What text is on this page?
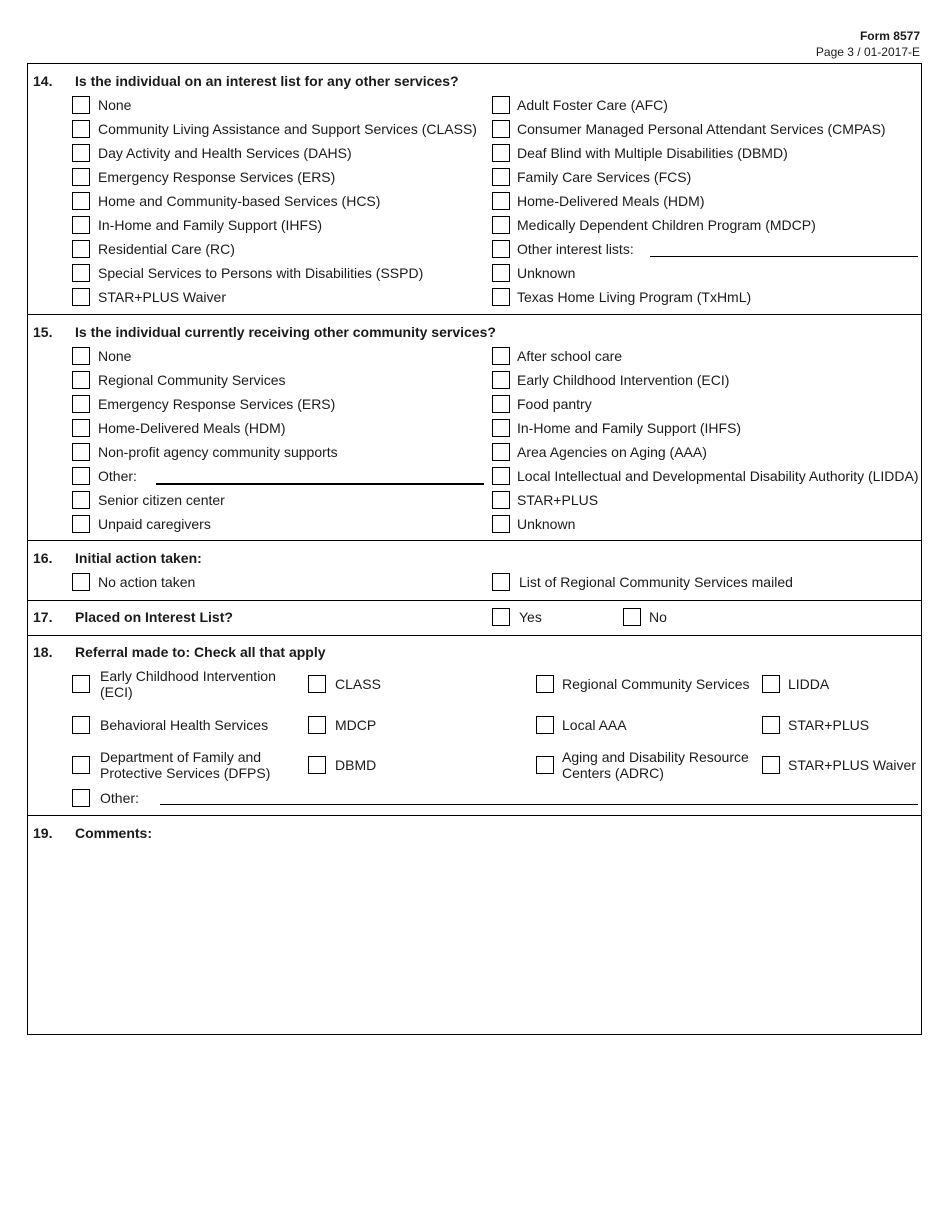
Form 8577
Page 3 / 01-2017-E
14. Is the individual on an interest list for any other services?
None
Community Living Assistance and Support Services (CLASS)
Day Activity and Health Services (DAHS)
Emergency Response Services (ERS)
Home and Community-based Services (HCS)
In-Home and Family Support (IHFS)
Residential Care (RC)
Special Services to Persons with Disabilities (SSPD)
STAR+PLUS Waiver
Adult Foster Care (AFC)
Consumer Managed Personal Attendant Services (CMPAS)
Deaf Blind with Multiple Disabilities (DBMD)
Family Care Services (FCS)
Home-Delivered Meals (HDM)
Medically Dependent Children Program (MDCP)
Other interest lists:
Unknown
Texas Home Living Program (TxHmL)
15. Is the individual currently receiving other community services?
None
Regional Community Services
Emergency Response Services (ERS)
Home-Delivered Meals (HDM)
Non-profit agency community supports
Other:
Senior citizen center
Unpaid caregivers
After school care
Early Childhood Intervention (ECI)
Food pantry
In-Home and Family Support (IHFS)
Area Agencies on Aging (AAA)
Local Intellectual and Developmental Disability Authority (LIDDA)
STAR+PLUS
Unknown
16. Initial action taken:
No action taken	List of Regional Community Services mailed
17. Placed on Interest List?	Yes	No
18. Referral made to: Check all that apply
Early Childhood Intervention (ECI)	CLASS	Regional Community Services	LIDDA
Behavioral Health Services	MDCP	Local AAA	STAR+PLUS
Department of Family and Protective Services (DFPS)	DBMD	Aging and Disability Resource Centers (ADRC)	STAR+PLUS Waiver
Other:
19. Comments:
